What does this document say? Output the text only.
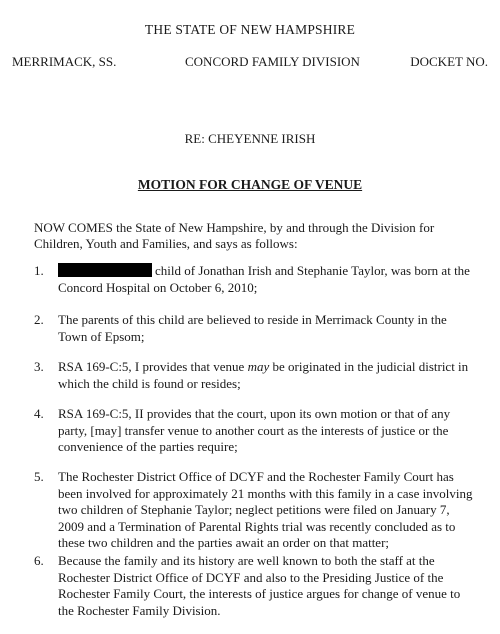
THE STATE OF NEW HAMPSHIRE
MERRIMACK, SS.	CONCORD FAMILY DIVISION	DOCKET NO.
RE: CHEYENNE IRISH
MOTION FOR CHANGE OF VENUE
NOW COMES the State of New Hampshire, by and through the Division for Children, Youth and Families, and says as follows:
1.	child of Jonathan Irish and Stephanie Taylor, was born at the
Concord Hospital on October 6, 2010;
2. The parents of this child are believed to reside in Merrimack County in the Town of Epsom;
3. RSA 169-C:5, I provides that venue may be originated in the judicial district in which the child is found or resides;
4. RSA 169-C:5, II provides that the court, upon its own motion or that of any party, [may] transfer venue to another court as the interests of justice or the convenience of the parties require;
5. The Rochester District Office of DCYF and the Rochester Family Court has been involved for approximately 21 months with this family in a case involving two children of Stephanie Taylor; neglect petitions were filed on January 7, 2009 and a Termination of Parental Rights trial was recently concluded as to these two children and the parties await an order on that matter;
6. Because the family and its history are well known to both the staff at the Rochester District Office of DCYF and also to the Presiding Justice of the Rochester Family Court, the interests of justice argues for change of venue to the Rochester Family Division.
